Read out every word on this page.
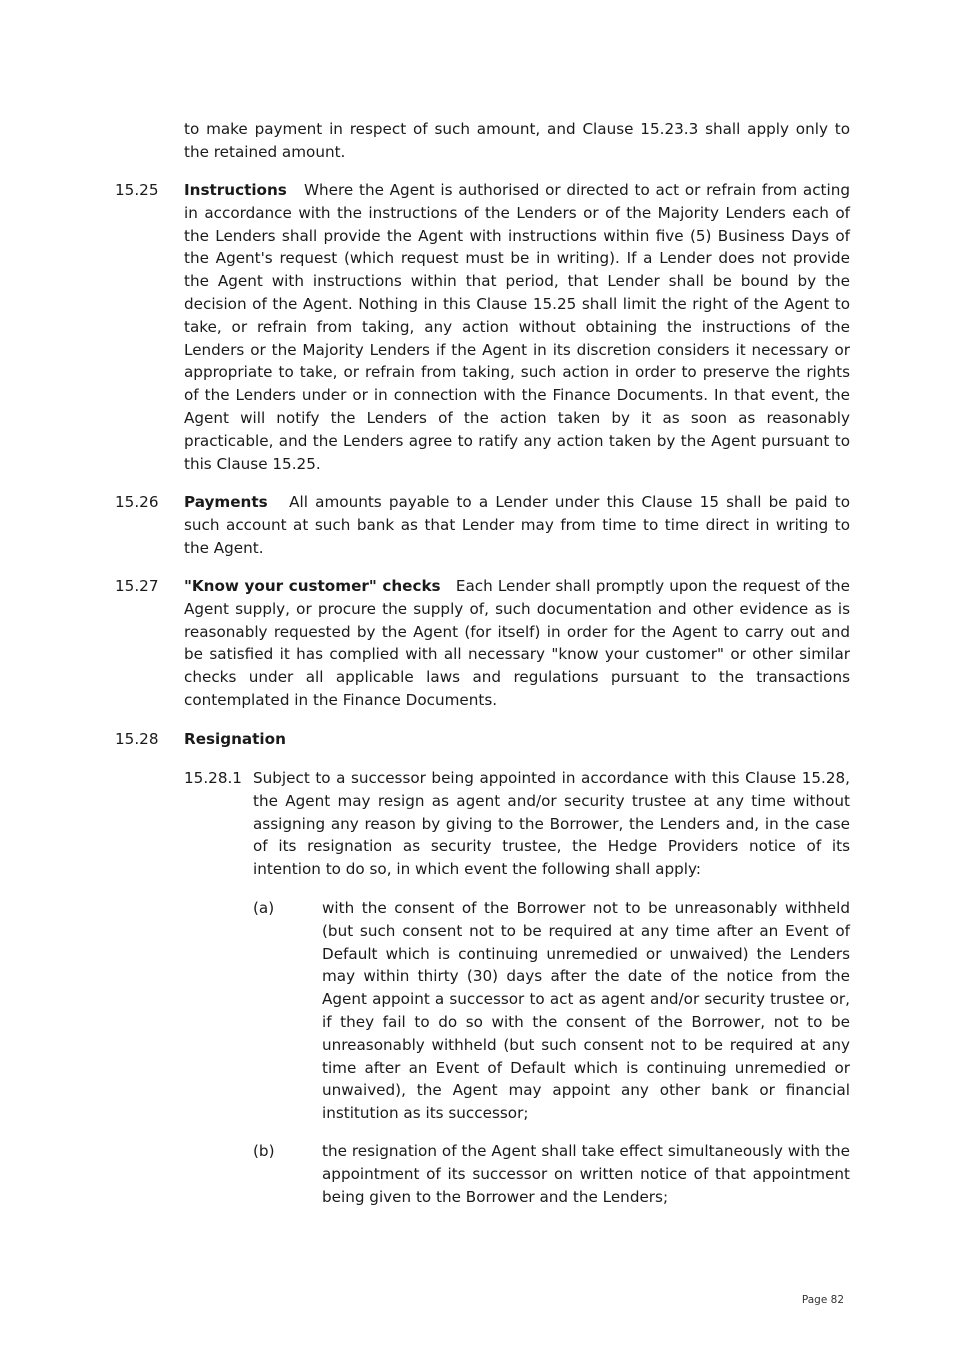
to make payment in respect of such amount, and Clause 15.23.3 shall apply only to the retained amount.

15.25 Instructions Where the Agent is authorised or directed to act or refrain from acting in accordance with the instructions of the Lenders or of the Majority Lenders each of the Lenders shall provide the Agent with instructions within five (5) Business Days of the Agent's request (which request must be in writing). If a Lender does not provide the Agent with instructions within that period, that Lender shall be bound by the decision of the Agent. Nothing in this Clause 15.25 shall limit the right of the Agent to take, or refrain from taking, any action without obtaining the instructions of the Lenders or the Majority Lenders if the Agent in its discretion considers it necessary or appropriate to take, or refrain from taking, such action in order to preserve the rights of the Lenders under or in connection with the Finance Documents. In that event, the Agent will notify the Lenders of the action taken by it as soon as reasonably practicable, and the Lenders agree to ratify any action taken by the Agent pursuant to this Clause 15.25.

15.26 Payments All amounts payable to a Lender under this Clause 15 shall be paid to such account at such bank as that Lender may from time to time direct in writing to the Agent.

15.27 "Know your customer" checks Each Lender shall promptly upon the request of the Agent supply, or procure the supply of, such documentation and other evidence as is reasonably requested by the Agent (for itself) in order for the Agent to carry out and be satisfied it has complied with all necessary "know your customer" or other similar checks under all applicable laws and regulations pursuant to the transactions contemplated in the Finance Documents.

15.28 Resignation

15.28.1 Subject to a successor being appointed in accordance with this Clause 15.28, the Agent may resign as agent and/or security trustee at any time without assigning any reason by giving to the Borrower, the Lenders and, in the case of its resignation as security trustee, the Hedge Providers notice of its intention to do so, in which event the following shall apply:

(a)	with the consent of the Borrower not to be unreasonably withheld (but such consent not to be required at any time after an Event of Default which is continuing unremedied or unwaived) the Lenders may within thirty (30) days after the date of the notice from the Agent appoint a successor to act as agent and/or security trustee or, if they fail to do so with the consent of the Borrower, not to be unreasonably withheld (but such consent not to be required at any time after an Event of Default which is continuing unremedied or unwaived), the Agent may appoint any other bank or financial institution as its successor;

(b)	the resignation of the Agent shall take effect simultaneously with the appointment of its successor on written notice of that appointment being given to the Borrower and the Lenders;

Page 82
